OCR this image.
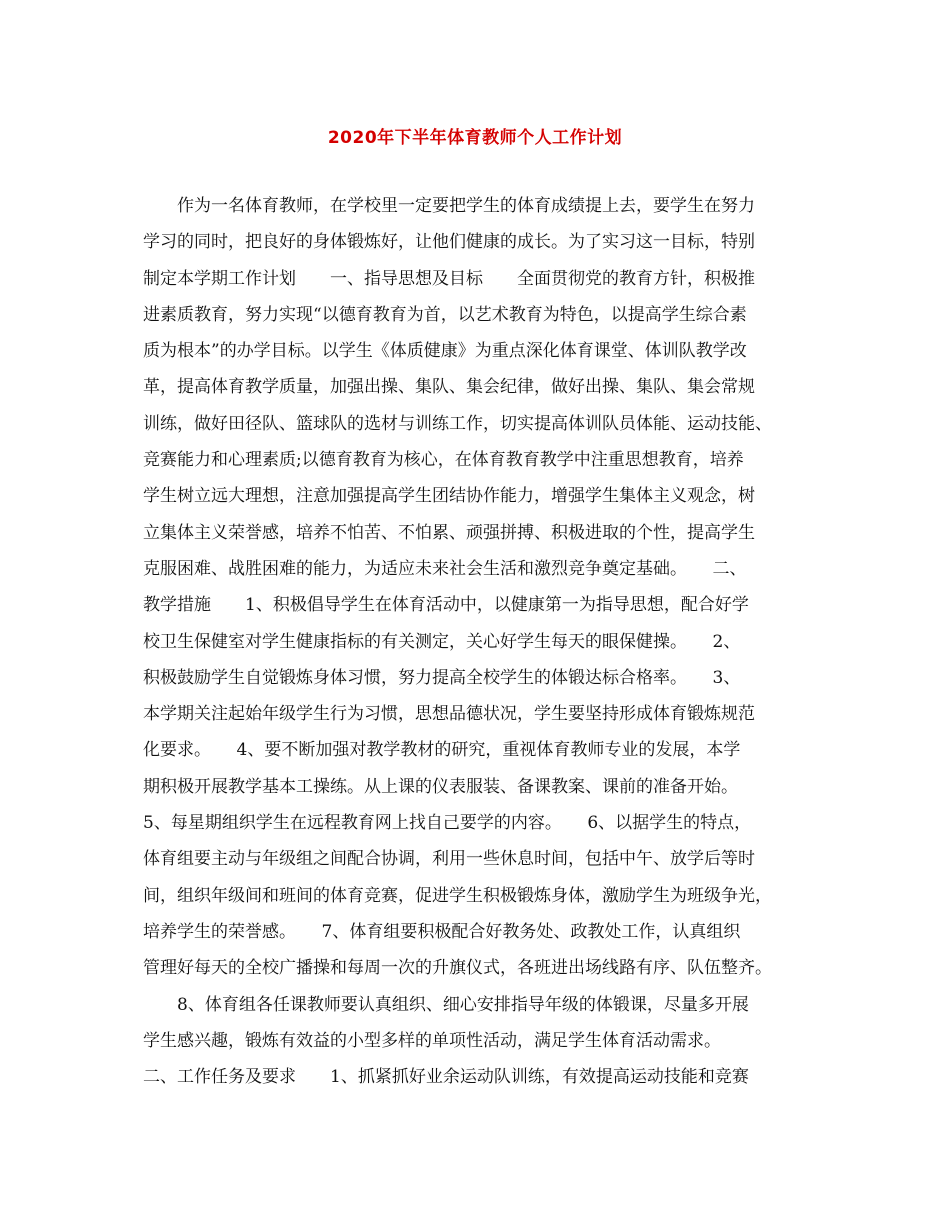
2020年下半年体育教师个人工作计划
作为一名体育教师，在学校里一定要把学生的体育成绩提上去，要学生在努力
学习的同时，把良好的身体锻炼好，让他们健康的成长。为了实习这一目标，特别
制定本学期工作计划　　一、指导思想及目标　　全面贯彻党的教育方针，积极推
进素质教育，努力实现“以德育教育为首，以艺术教育为特色，以提高学生综合素
质为根本”的办学目标。以学生《体质健康》为重点深化体育课堂、体训队教学改
革，提高体育教学质量，加强出操、集队、集会纪律，做好出操、集队、集会常规
训练，做好田径队、篮球队的选材与训练工作，切实提高体训队员体能、运动技能、
竞赛能力和心理素质;以德育教育为核心，在体育教育教学中注重思想教育，培养
学生树立远大理想，注意加强提高学生团结协作能力，增强学生集体主义观念，树
立集体主义荣誉感，培养不怕苦、不怕累、顽强拼搏、积极进取的个性，提高学生
克服困难、战胜困难的能力，为适应未来社会生活和激烈竞争奠定基础。　　二、
教学措施　　1、积极倡导学生在体育活动中，以健康第一为指导思想，配合好学
校卫生保健室对学生健康指标的有关测定，关心好学生每天的眼保健操。　　2、
积极鼓励学生自觉锻炼身体习惯，努力提高全校学生的体锻达标合格率。　　3、
本学期关注起始年级学生行为习惯，思想品德状况，学生要坚持形成体育锻炼规范
化要求。　　4、要不断加强对教学教材的研究，重视体育教师专业的发展，本学
期积极开展教学基本工操练。从上课的仪表服装、备课教案、课前的准备开始。
5、每星期组织学生在远程教育网上找自己要学的内容。　　6、以据学生的特点，
体育组要主动与年级组之间配合协调，利用一些休息时间，包括中午、放学后等时
间，组织年级间和班间的体育竞赛，促进学生积极锻炼身体，激励学生为班级争光，
培养学生的荣誉感。　　7、体育组要积极配合好教务处、政教处工作，认真组织
管理好每天的全校广播操和每周一次的升旗仪式，各班进出场线路有序、队伍整齐。
8、体育组各任课教师要认真组织、细心安排指导年级的体锻课，尽量多开展
学生感兴趣，锻炼有效益的小型多样的单项性活动，满足学生体育活动需求。
二、工作任务及要求　　1、抓紧抓好业余运动队训练，有效提高运动技能和竞赛
